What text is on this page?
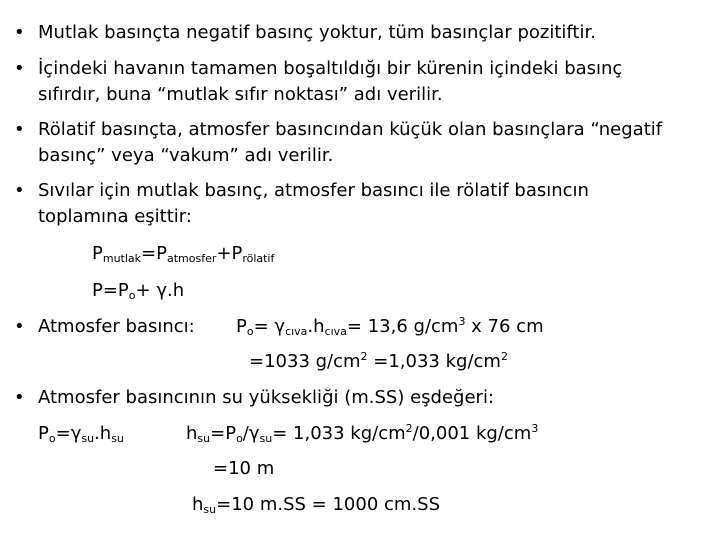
• Mutlak basınçta negatif basınç yoktur, tüm basınçlar pozitiftir.
• İçindeki havanın tamamen boşaltıldığı bir kürenin içindeki basınç
sıfırdır, buna “mutlak sıfır noktası” adı verilir.
• Rölatif basınçta, atmosfer basıncından küçük olan basınçlara “negatif
basınç” veya “vakum” adı verilir.
• Sıvılar için mutlak basınç, atmosfer basıncı ile rölatif basıncın
toplamına eşittir:
$P_{mutlak}=P_{atmosfer}+P_{rölatif}$
$P=P_o+ \gamma.h$
• Atmosfer basıncı: $P_o= \gamma_{cıva}.h_{cıva}= 13,6$ $g/cm^3$ x 76 cm
=1033 $g/cm^2 =1,033$ $kg/cm^2$
• Atmosfer basıncının su yüksekliği (m.SS) eşdeğeri:
$P_o=\gamma_{su}.h_{su}$	$h_{su}=P_o/\gamma_{su}= 1,033$ $kg/cm^2/0,001$ $kg/cm^3$
=10 m
$h_{su}=10$ m.SS = 1000 cm.SS
